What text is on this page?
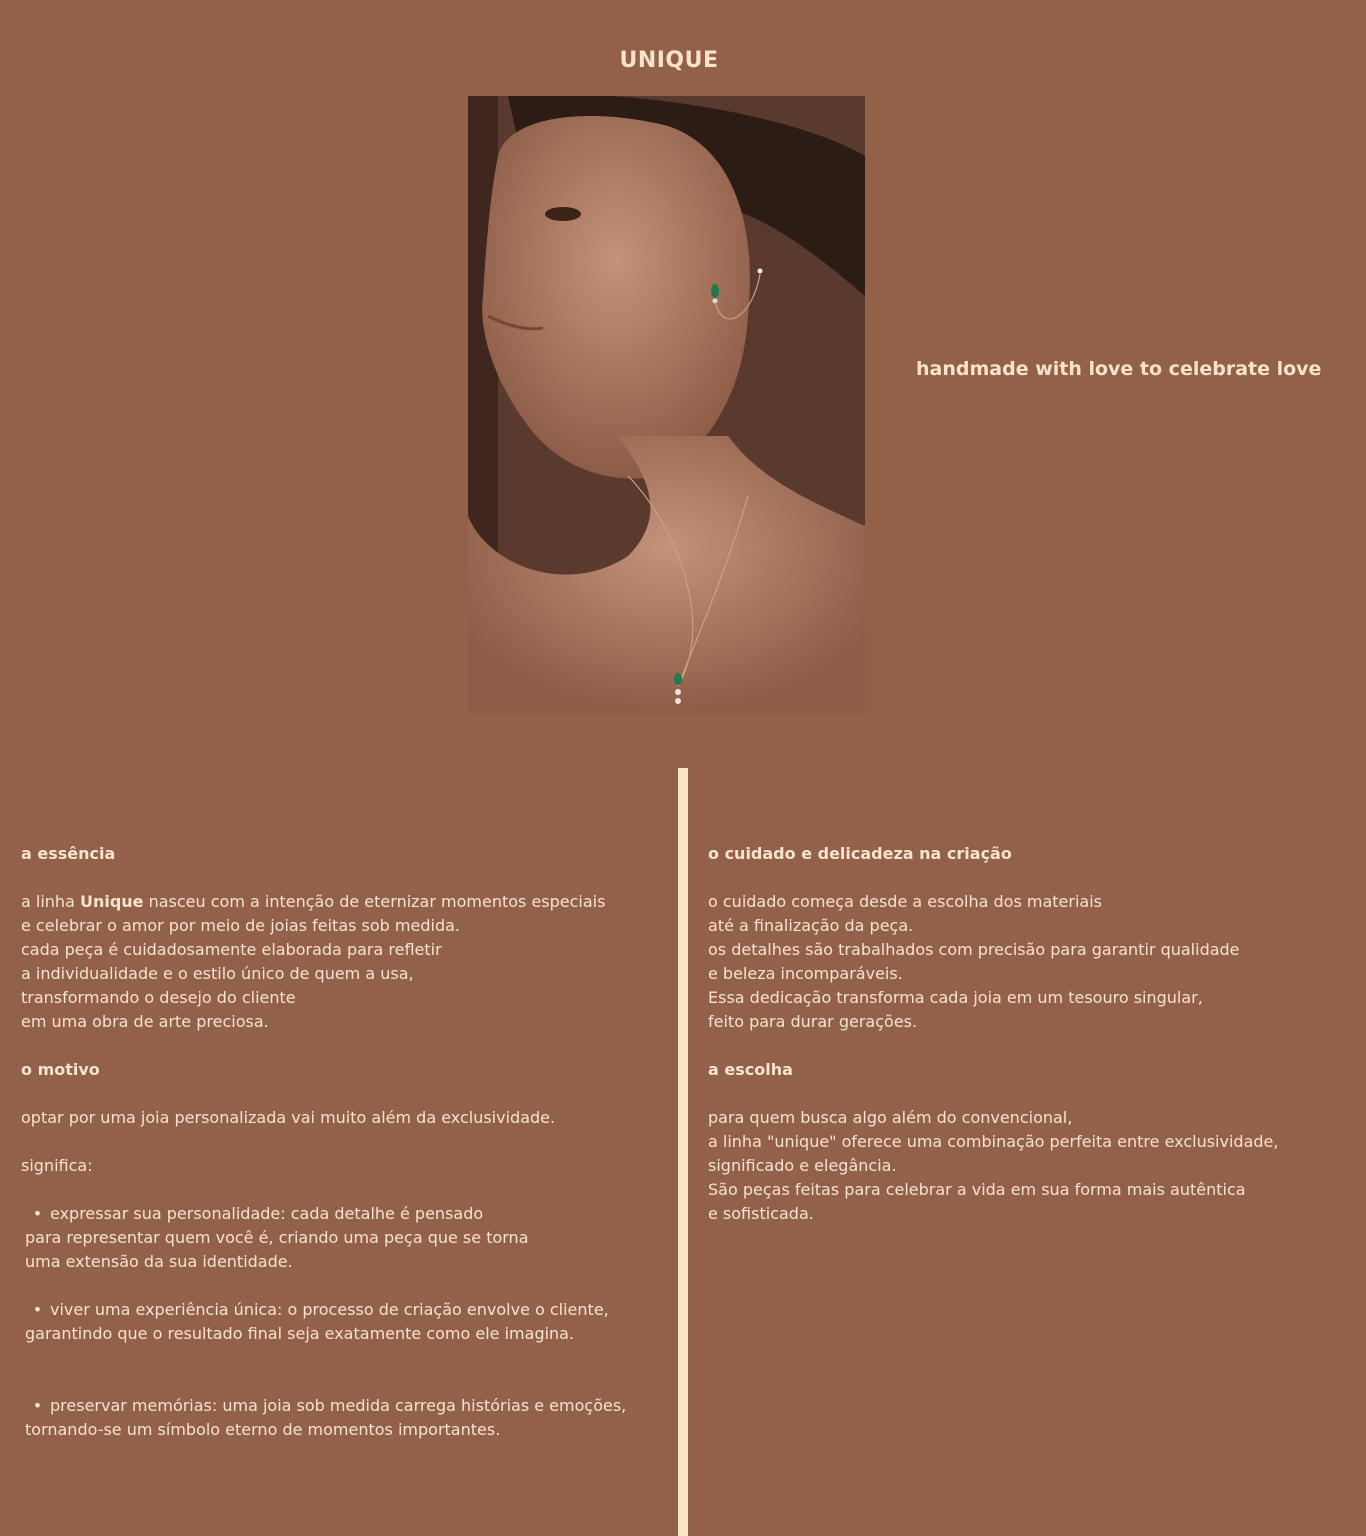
UNIQUE
handmade with love to celebrate love
a essência
a linha Unique nasceu com a intenção de eternizar momentos especiais
e celebrar o amor por meio de joias feitas sob medida.
cada peça é cuidadosamente elaborada para refletir
a individualidade e o estilo único de quem a usa,
transformando o desejo do cliente
em uma obra de arte preciosa.
o motivo
optar por uma joia personalizada vai muito além da exclusividade.
significa:
• expressar sua personalidade: cada detalhe é pensado
para representar quem você é, criando uma peça que se torna
uma extensão da sua identidade.
• viver uma experiência única: o processo de criação envolve o cliente,
garantindo que o resultado final seja exatamente como ele imagina.
• preservar memórias: uma joia sob medida carrega histórias e emoções,
tornando-se um símbolo eterno de momentos importantes.
o cuidado e delicadeza na criação
o cuidado começa desde a escolha dos materiais
até a finalização da peça.
os detalhes são trabalhados com precisão para garantir qualidade
e beleza incomparáveis.
Essa dedicação transforma cada joia em um tesouro singular,
feito para durar gerações.
a escolha
para quem busca algo além do convencional,
a linha "unique" oferece uma combinação perfeita entre exclusividade,
significado e elegância.
São peças feitas para celebrar a vida em sua forma mais autêntica
e sofisticada.
